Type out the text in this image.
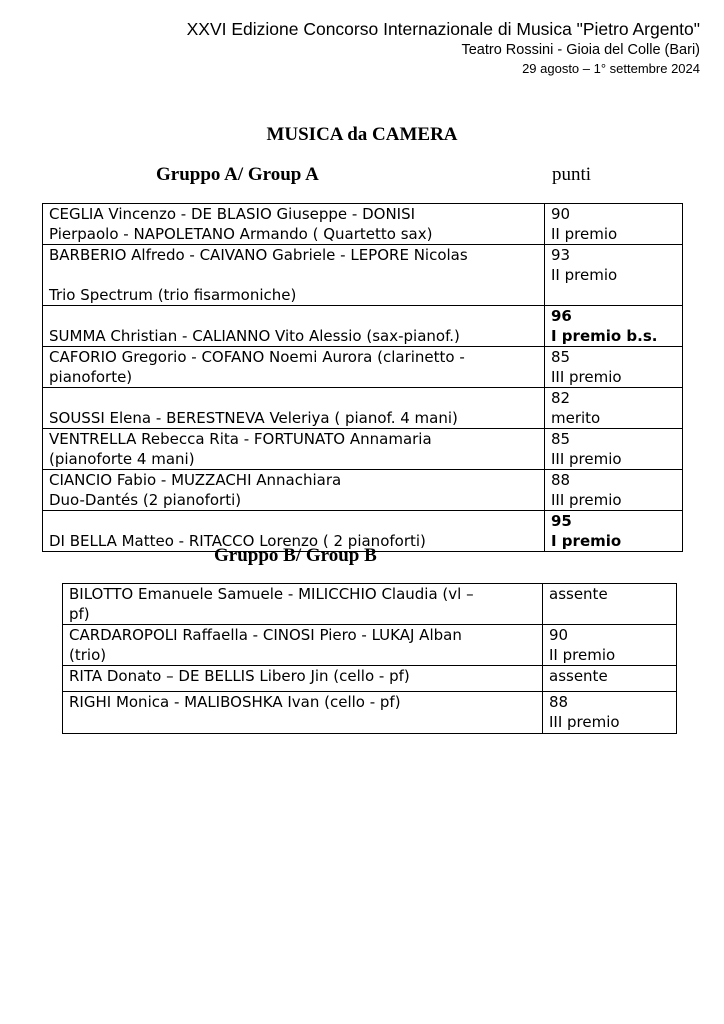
XXVI Edizione Concorso Internazionale di Musica "Pietro Argento"
Teatro Rossini - Gioia del Colle (Bari)
29 agosto – 1° settembre 2024
MUSICA da CAMERA
Gruppo A/ Group A	punti
CEGLIA Vincenzo - DE BLASIO Giuseppe - DONISI
Pierpaolo - NAPOLETANO Armando ( Quartetto sax)	90
II premio

BARBERIO Alfredo - CAIVANO Gabriele - LEPORE Nicolas
Trio Spectrum (trio fisarmoniche)	93
II premio

SUMMA Christian - CALIANNO Vito Alessio (sax-pianof.)	96
I premio b.s.

CAFORIO Gregorio - COFANO Noemi Aurora (clarinetto -
pianoforte)	85
III premio

SOUSSI Elena - BERESTNEVA Veleriya ( pianof. 4 mani)	82
merito

VENTRELLA Rebecca Rita - FORTUNATO Annamaria
(pianoforte 4 mani)	85
III premio

CIANCIO Fabio - MUZZACHI Annachiara
Duo-Dantés (2 pianoforti)	88
III premio

DI BELLA Matteo - RITACCO Lorenzo ( 2 pianoforti)	95
I premio
Gruppo B/ Group B
BILOTTO Emanuele Samuele - MILICCHIO Claudia (vl –
pf)	assente

CARDAROPOLI Raffaella - CINOSI Piero - LUKAJ Alban
(trio)	90
II premio

RITA Donato – DE BELLIS Libero Jin (cello - pf)	assente

RIGHI Monica - MALIBOSHKA Ivan (cello - pf)	88
III premio
